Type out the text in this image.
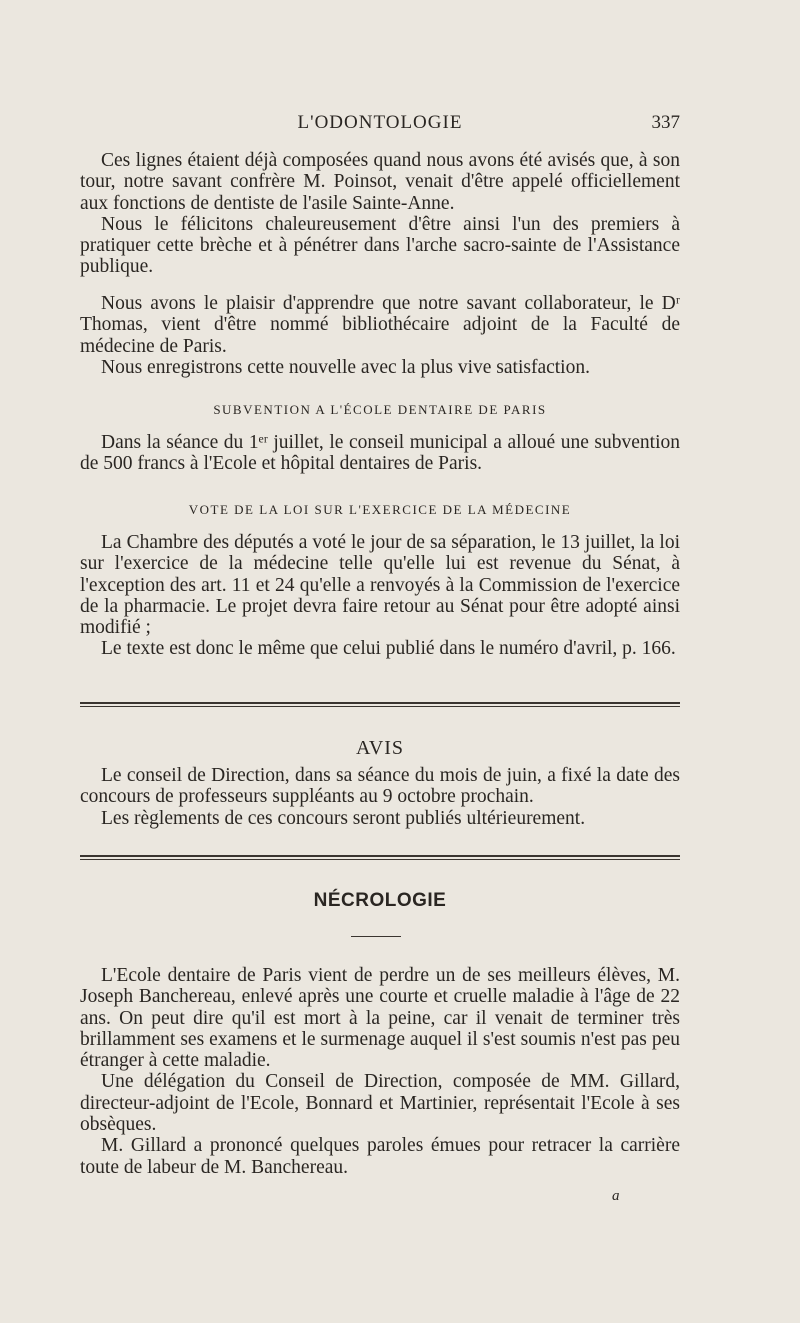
L'ODONTOLOGIE	337

Ces lignes étaient déjà composées quand nous avons été avisés que, à son tour, notre savant confrère M. Poinsot, venait d'être appelé officiellement aux fonctions de dentiste de l'asile Sainte-Anne.

Nous le félicitons chaleureusement d'être ainsi l'un des premiers à pratiquer cette brèche et à pénétrer dans l'arche sacro-sainte de l'Assistance publique.

Nous avons le plaisir d'apprendre que notre savant collaborateur, le Dʳ Thomas, vient d'être nommé bibliothécaire adjoint de la Faculté de médecine de Paris.

Nous enregistrons cette nouvelle avec la plus vive satisfaction.

SUBVENTION A L'ÉCOLE DENTAIRE DE PARIS

Dans la séance du 1ᵉʳ juillet, le conseil municipal a alloué une subvention de 500 francs à l'Ecole et hôpital dentaires de Paris.

VOTE DE LA LOI SUR L'EXERCICE DE LA MÉDECINE

La Chambre des députés a voté le jour de sa séparation, le 13 juillet, la loi sur l'exercice de la médecine telle qu'elle lui est revenue du Sénat, à l'exception des art. 11 et 24 qu'elle a renvoyés à la Commission de l'exercice de la pharmacie. Le projet devra faire retour au Sénat pour être adopté ainsi modifié ;

Le texte est donc le même que celui publié dans le numéro d'avril, p. 166.

AVIS

Le conseil de Direction, dans sa séance du mois de juin, a fixé la date des concours de professeurs suppléants au 9 octobre prochain.

Les règlements de ces concours seront publiés ultérieurement.

NÉCROLOGIE

L'Ecole dentaire de Paris vient de perdre un de ses meilleurs élèves, M. Joseph Banchereau, enlevé après une courte et cruelle maladie à l'âge de 22 ans. On peut dire qu'il est mort à la peine, car il venait de terminer très brillamment ses examens et le surmenage auquel il s'est soumis n'est pas peu étranger à cette maladie.

Une délégation du Conseil de Direction, composée de MM. Gillard, directeur-adjoint de l'Ecole, Bonnard et Martinier, représentait l'Ecole à ses obsèques.

M. Gillard a prononcé quelques paroles émues pour retracer la carrière toute de labeur de M. Banchereau.

a
